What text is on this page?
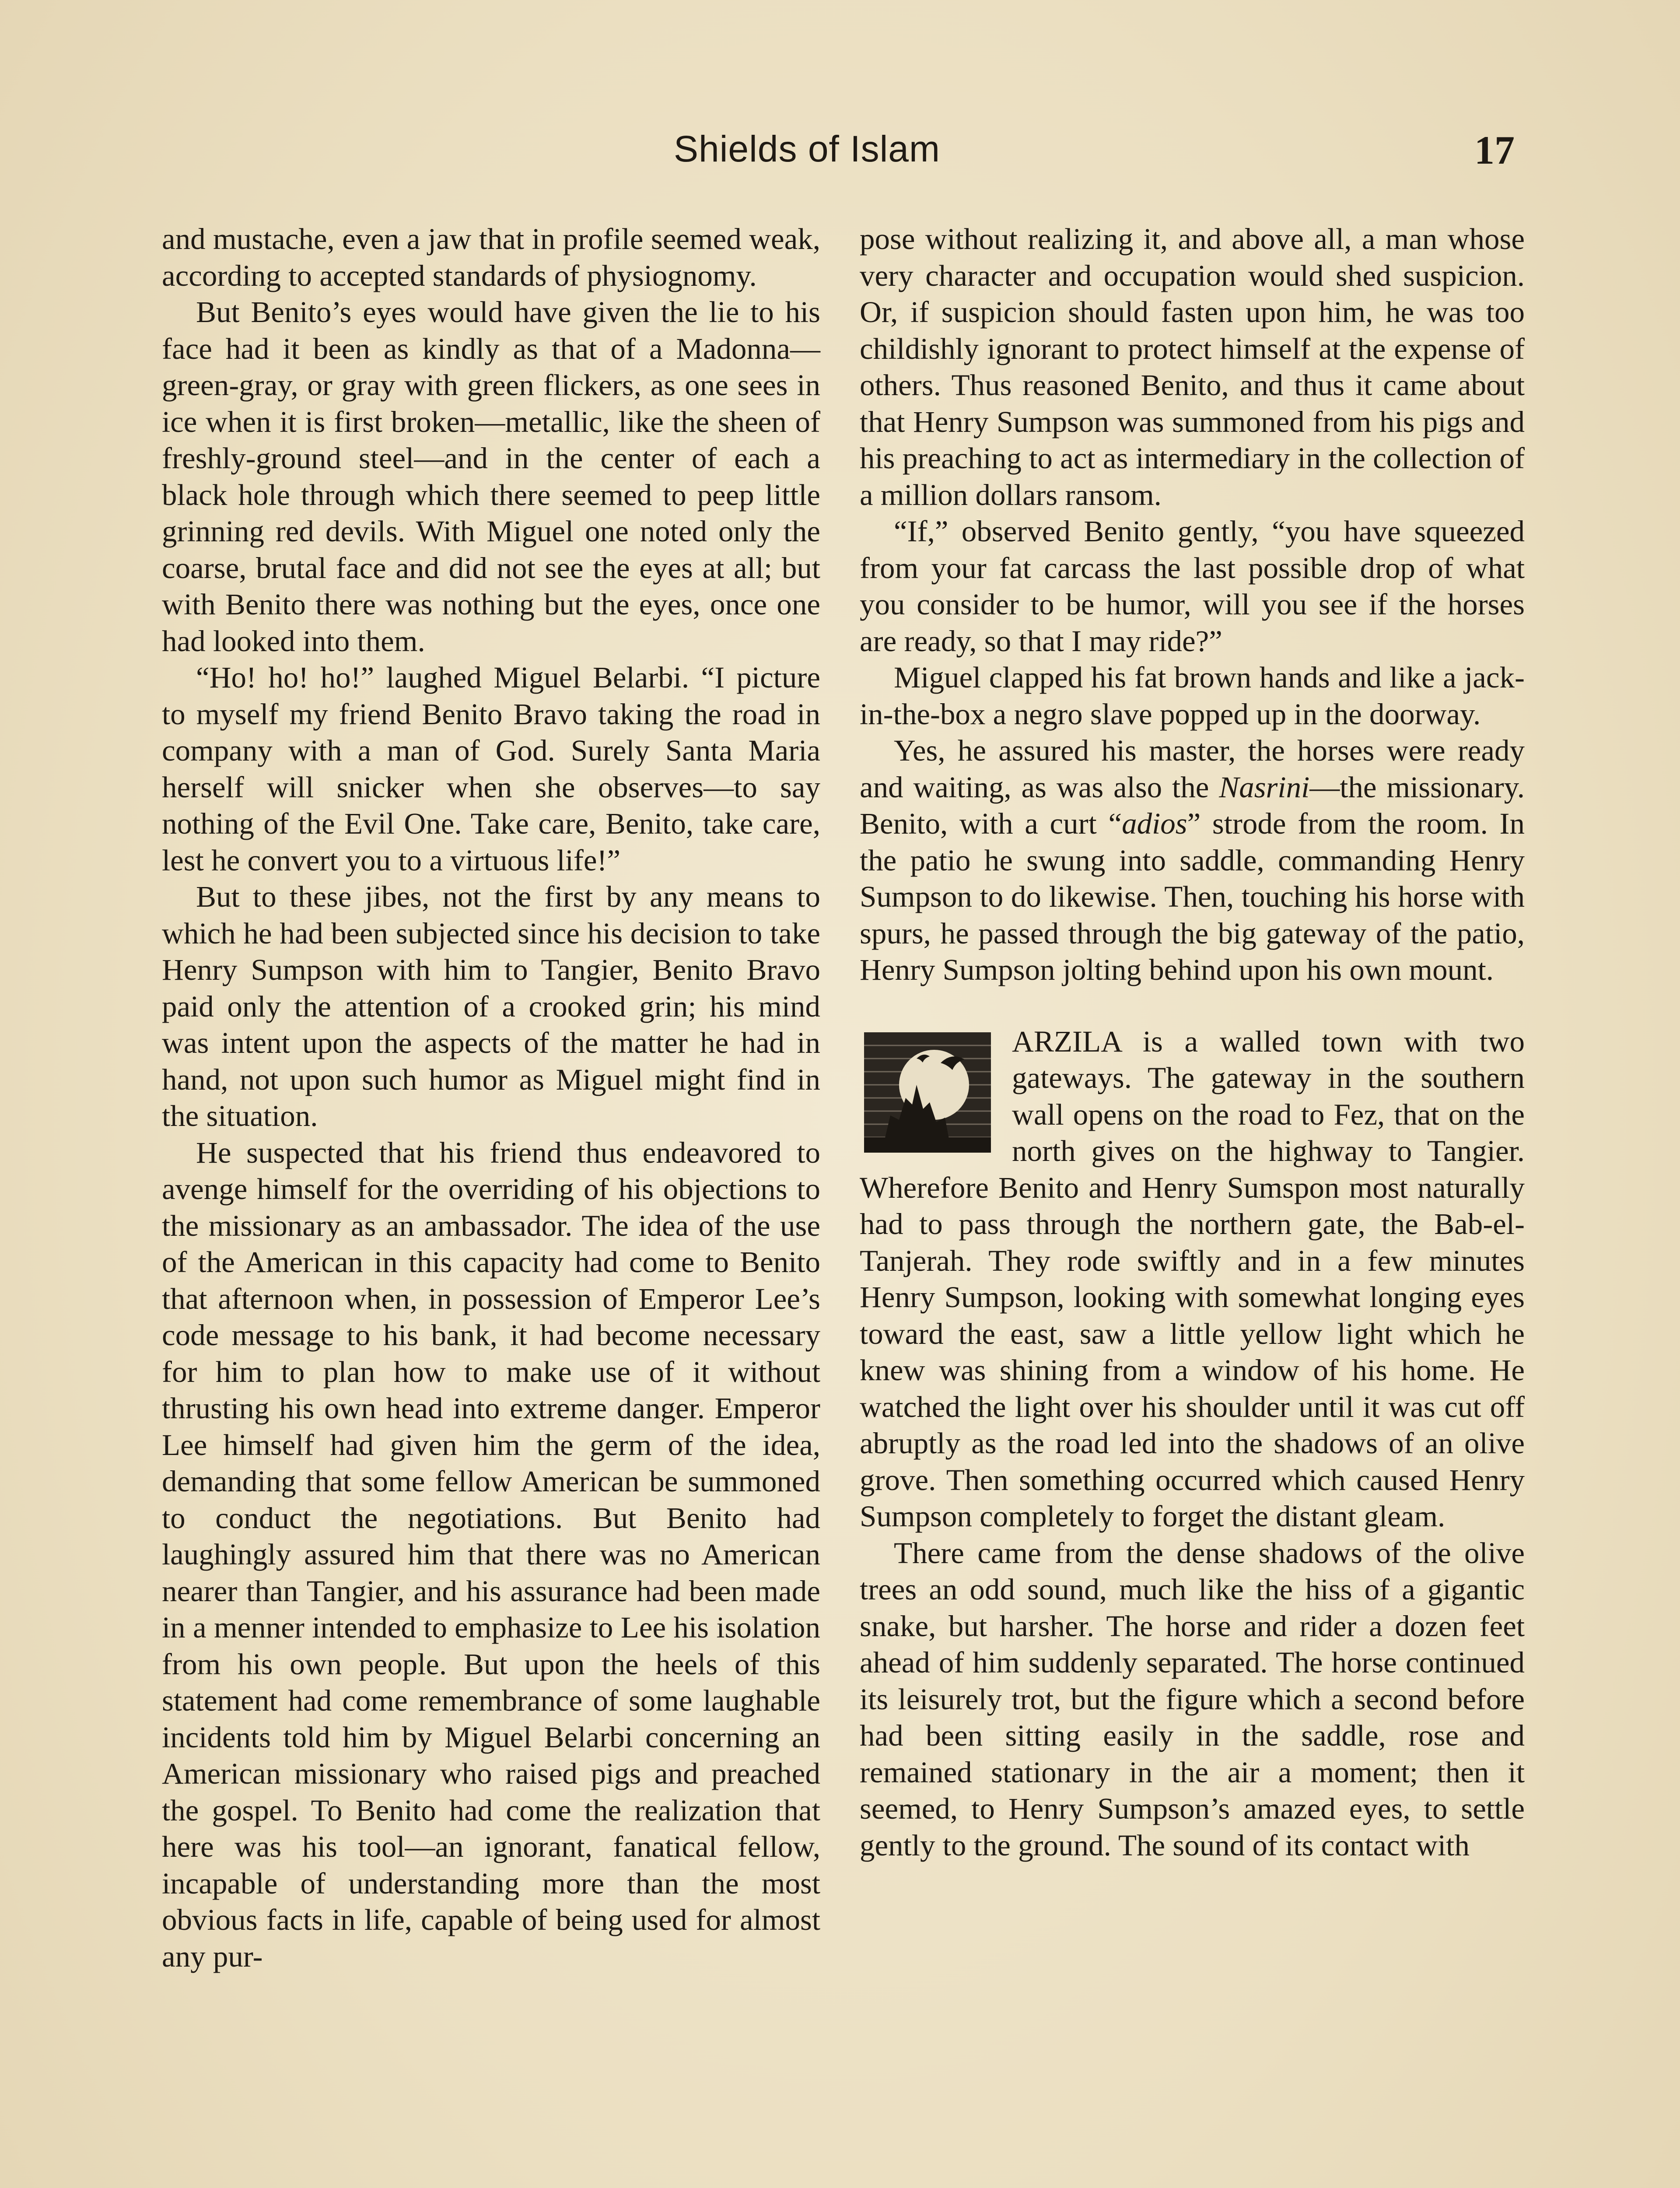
Shields of Islam	17

and mustache, even a jaw that in profile seemed weak, according to accepted standards of physiognomy.

But Benito’s eyes would have given the lie to his face had it been as kindly as that of a Madonna—green-gray, or gray with green flickers, as one sees in ice when it is first broken—metallic, like the sheen of freshly-ground steel—and in the center of each a black hole through which there seemed to peep little grinning red devils. With Miguel one noted only the coarse, brutal face and did not see the eyes at all; but with Benito there was nothing but the eyes, once one had looked into them.

“Ho! ho! ho!” laughed Miguel Belarbi. “I picture to myself my friend Benito Bravo taking the road in company with a man of God. Surely Santa Maria herself will snicker when she observes—to say nothing of the Evil One. Take care, Benito, take care, lest he convert you to a virtuous life!”

But to these jibes, not the first by any means to which he had been subjected since his decision to take Henry Sumpson with him to Tangier, Benito Bravo paid only the attention of a crooked grin; his mind was intent upon the aspects of the matter he had in hand, not upon such humor as Miguel might find in the situation.

He suspected that his friend thus endeavored to avenge himself for the overriding of his objections to the missionary as an ambassador. The idea of the use of the American in this capacity had come to Benito that afternoon when, in possession of Emperor Lee’s code message to his bank, it had become necessary for him to plan how to make use of it without thrusting his own head into extreme danger. Emperor Lee himself had given him the germ of the idea, demanding that some fellow American be summoned to conduct the negotiations. But Benito had laughingly assured him that there was no American nearer than Tangier, and his assurance had been made in a menner intended to emphasize to Lee his isolation from his own people. But upon the heels of this statement had come remembrance of some laughable incidents told him by Miguel Belarbi concerning an American missionary who raised pigs and preached the gospel. To Benito had come the realization that here was his tool—an ignorant, fanatical fellow, incapable of understanding more than the most obvious facts in life, capable of being used for almost any pur-

pose without realizing it, and above all, a man whose very character and occupation would shed suspicion. Or, if suspicion should fasten upon him, he was too childishly ignorant to protect himself at the expense of others. Thus reasoned Benito, and thus it came about that Henry Sumpson was summoned from his pigs and his preaching to act as intermediary in the collection of a million dollars ransom.

“If,” observed Benito gently, “you have squeezed from your fat carcass the last possible drop of what you consider to be humor, will you see if the horses are ready, so that I may ride?”

Miguel clapped his fat brown hands and like a jack-in-the-box a negro slave popped up in the doorway.

Yes, he assured his master, the horses were ready and waiting, as was also the Nasrini—the missionary. Benito, with a curt “adios” strode from the room. In the patio he swung into saddle, commanding Henry Sumpson to do likewise. Then, touching his horse with spurs, he passed through the big gateway of the patio, Henry Sumpson jolting behind upon his own mount.

ARZILA is a walled town with two gateways. The gateway in the southern wall opens on the road to Fez, that on the north gives on the highway to Tangier. Wherefore Benito and Henry Sumspon most naturally had to pass through the northern gate, the Bab-el-Tanjerah. They rode swiftly and in a few minutes Henry Sumpson, looking with somewhat longing eyes toward the east, saw a little yellow light which he knew was shining from a window of his home. He watched the light over his shoulder until it was cut off abruptly as the road led into the shadows of an olive grove. Then something occurred which caused Henry Sumpson completely to forget the distant gleam.

There came from the dense shadows of the olive trees an odd sound, much like the hiss of a gigantic snake, but harsher. The horse and rider a dozen feet ahead of him suddenly separated. The horse continued its leisurely trot, but the figure which a second before had been sitting easily in the saddle, rose and remained stationary in the air a moment; then it seemed, to Henry Sumpson’s amazed eyes, to settle gently to the ground. The sound of its contact with
